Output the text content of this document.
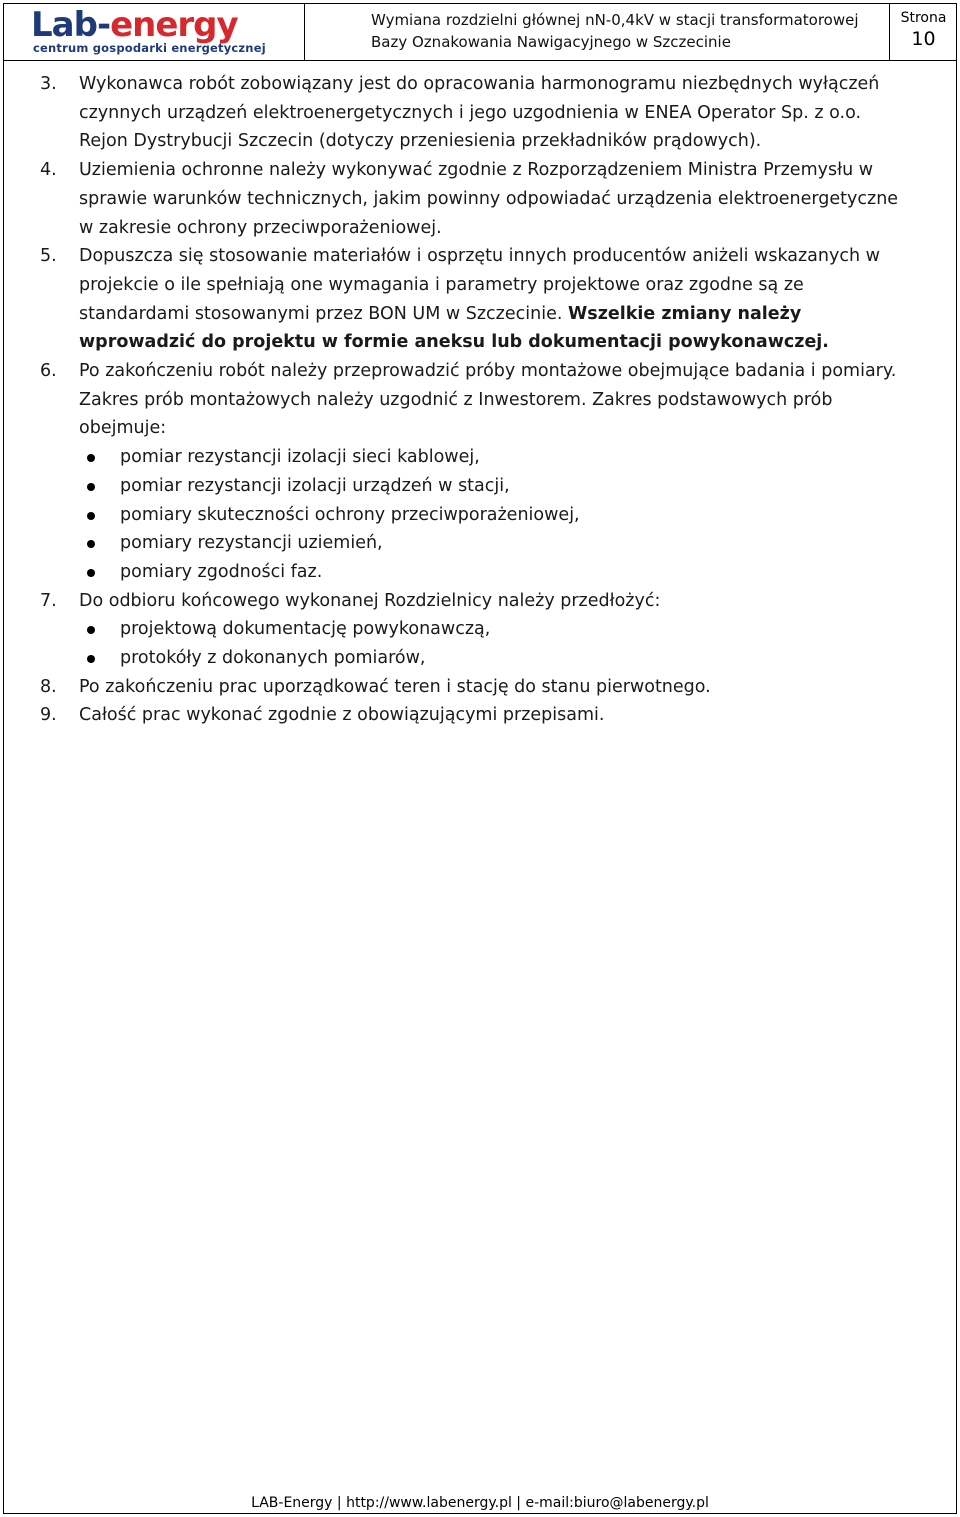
Lab-energy
centrum gospodarki energetycznej
Wymiana rozdzielni głównej nN-0,4kV w stacji transformatorowej
Bazy Oznakowania Nawigacyjnego w Szczecinie
Strona
10
3. Wykonawca robót zobowiązany jest do opracowania harmonogramu niezbędnych wyłączeń czynnych urządzeń elektroenergetycznych i jego uzgodnienia w ENEA Operator Sp. z o.o. Rejon Dystrybucji Szczecin (dotyczy przeniesienia przekładników prądowych).
4. Uziemienia ochronne należy wykonywać zgodnie z Rozporządzeniem Ministra Przemysłu w sprawie warunków technicznych, jakim powinny odpowiadać urządzenia elektroenergetyczne w zakresie ochrony przeciwporażeniowej.
5. Dopuszcza się stosowanie materiałów i osprzętu innych producentów aniżeli wskazanych w projekcie o ile spełniają one wymagania i parametry projektowe oraz zgodne są ze standardami stosowanymi przez BON UM w Szczecinie. Wszelkie zmiany należy wprowadzić do projektu w formie aneksu lub dokumentacji powykonawczej.
6. Po zakończeniu robót należy przeprowadzić próby montażowe obejmujące badania i pomiary. Zakres prób montażowych należy uzgodnić z Inwestorem. Zakres podstawowych prób obejmuje:
pomiar rezystancji izolacji sieci kablowej,
pomiar rezystancji izolacji urządzeń w stacji,
pomiary skuteczności ochrony przeciwporażeniowej,
pomiary rezystancji uziemień,
pomiary zgodności faz.
7. Do odbioru końcowego wykonanej Rozdzielnicy należy przedłożyć:
projektową dokumentację powykonawczą,
protokóły z dokonanych pomiarów,
8. Po zakończeniu prac uporządkować teren i stację do stanu pierwotnego.
9. Całość prac wykonać zgodnie z obowiązującymi przepisami.
LAB-Energy | http://www.labenergy.pl | e-mail:biuro@labenergy.pl
